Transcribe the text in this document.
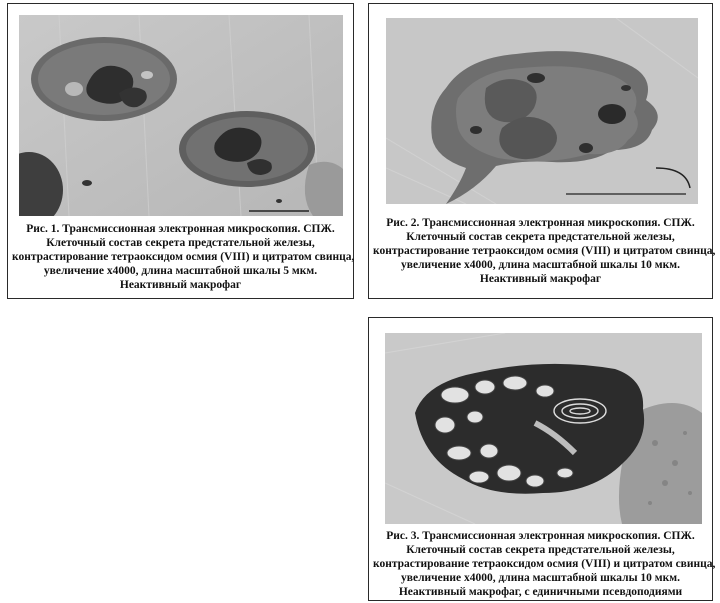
Рис. 1. Трансмиссионная электронная микроскопия. СПЖ.
Клеточный состав секрета предстательной железы,
контрастирование тетраоксидом осмия (VIII) и цитратом свинца,
увеличение х4000, длина масштабной шкалы 5 мкм.
Неактивный макрофаг
Рис. 2. Трансмиссионная электронная микроскопия. СПЖ.
Клеточный состав секрета предстательной железы,
контрастирование тетраоксидом осмия (VIII) и цитратом свинца,
увеличение х4000, длина масштабной шкалы 10 мкм.
Неактивный макрофаг
Рис. 3. Трансмиссионная электронная микроскопия. СПЖ.
Клеточный состав секрета предстательной железы,
контрастирование тетраоксидом осмия (VIII) и цитратом свинца,
увеличение х4000, длина масштабной шкалы 10 мкм.
Неактивный макрофаг, с единичными псевдоподиями
